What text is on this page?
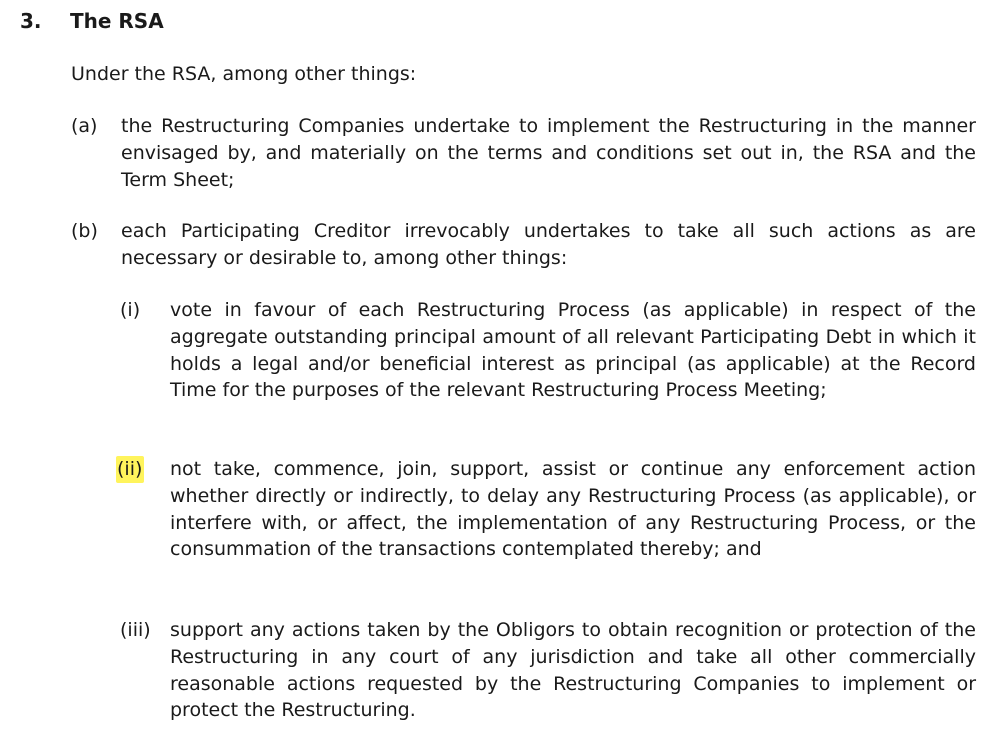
3.	The RSA
Under the RSA, among other things:
(a) the Restructuring Companies undertake to implement the Restructuring in the manner envisaged by, and materially on the terms and conditions set out in, the RSA and the Term Sheet;
(b) each Participating Creditor irrevocably undertakes to take all such actions as are necessary or desirable to, among other things:
(i) vote in favour of each Restructuring Process (as applicable) in respect of the aggregate outstanding principal amount of all relevant Participating Debt in which it holds a legal and/or beneficial interest as principal (as applicable) at the Record Time for the purposes of the relevant Restructuring Process Meeting;
(ii) not take, commence, join, support, assist or continue any enforcement action whether directly or indirectly, to delay any Restructuring Process (as applicable), or interfere with, or affect, the implementation of any Restructuring Process, or the consummation of the transactions contemplated thereby; and
(iii) support any actions taken by the Obligors to obtain recognition or protection of the Restructuring in any court of any jurisdiction and take all other commercially reasonable actions requested by the Restructuring Companies to implement or protect the Restructuring.
